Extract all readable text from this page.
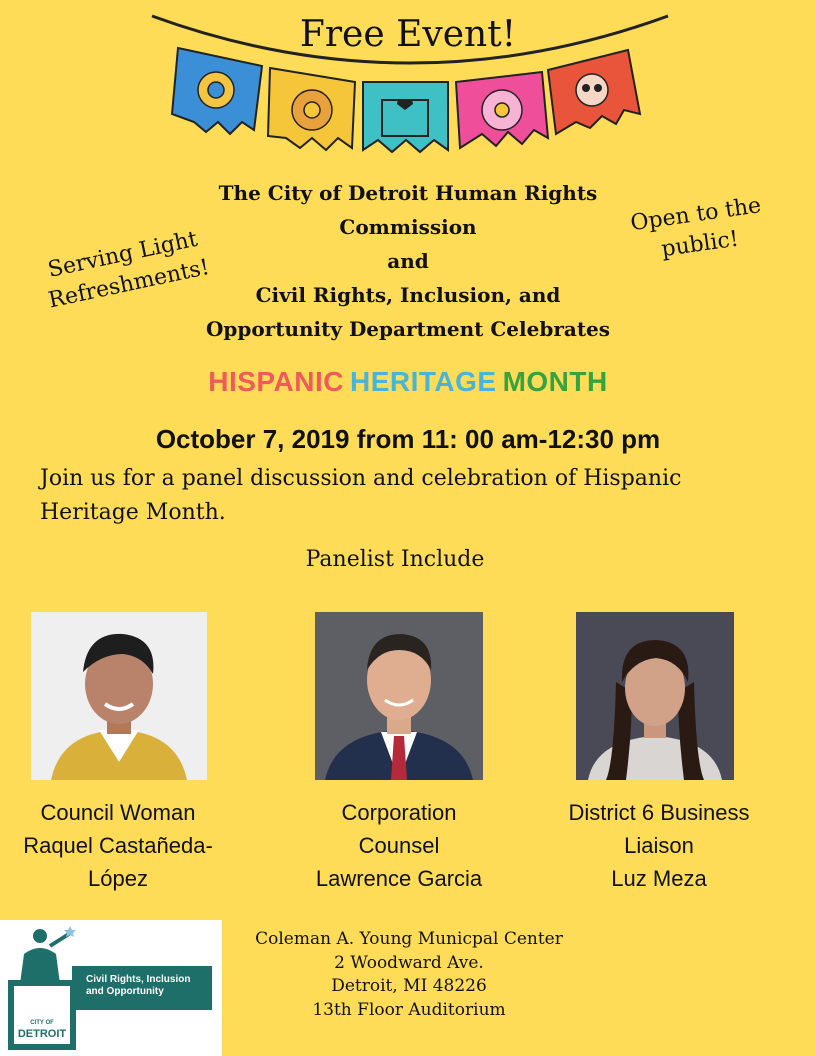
Free Event!
Serving Light Refreshments!
Open to the public!
The City of Detroit Human Rights
Commission
and
Civil Rights, Inclusion, and
Opportunity Department Celebrates
HISPANIC HERITAGE MONTH
October 7, 2019 from 11: 00 am-12:30 pm
Join us for a panel discussion and celebration of Hispanic Heritage Month.
Panelist Include
Council Woman
Raquel Castañeda-
López
Corporation
Counsel
Lawrence Garcia
District 6 Business
Liaison
Luz Meza
Civil Rights, Inclusion and Opportunity
CITY OF
DETROIT
Coleman A. Young Municpal Center
2 Woodward Ave.
Detroit, MI 48226
13th Floor Auditorium
